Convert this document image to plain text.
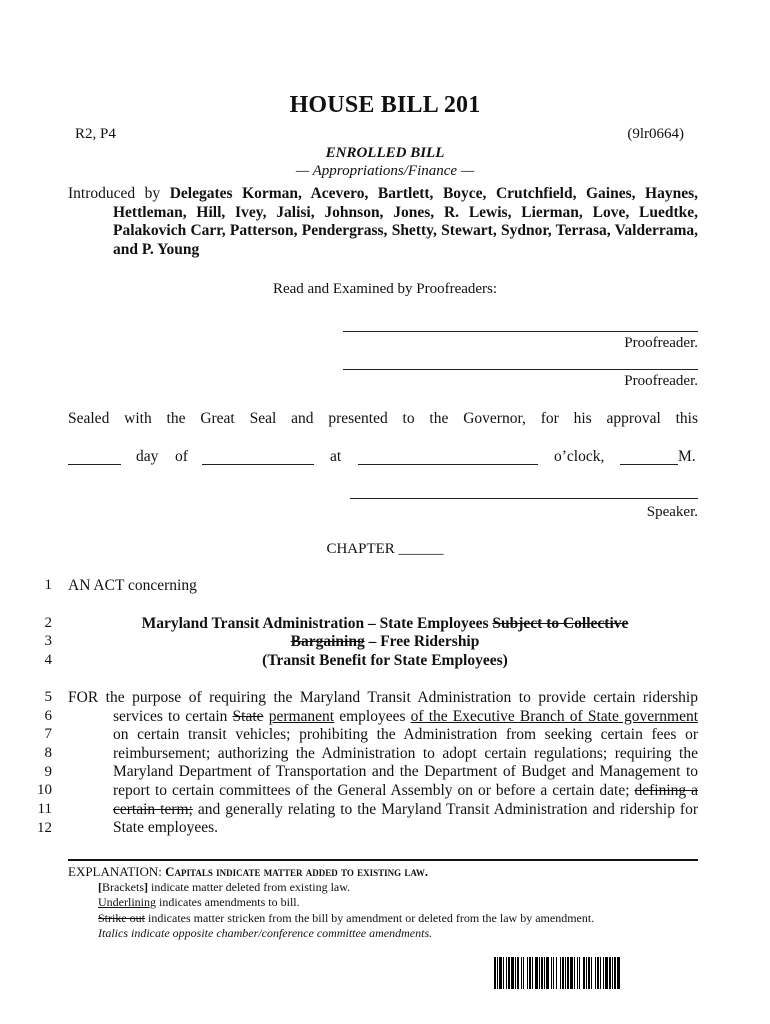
HOUSE BILL 201
R2, P4	(9lr0664)
ENROLLED BILL
— Appropriations/Finance —
Introduced by Delegates Korman, Acevero, Bartlett, Boyce, Crutchfield, Gaines, Haynes, Hettleman, Hill, Ivey, Jalisi, Johnson, Jones, R. Lewis, Lierman, Love, Luedtke, Palakovich Carr, Patterson, Pendergrass, Shetty, Stewart, Sydnor, Terrasa, Valderrama, and P. Young
Read and Examined by Proofreaders:
Proofreader.
Proofreader.
Sealed with the Great Seal and presented to the Governor, for his approval this
day of	at	o’clock,	M.
Speaker.
CHAPTER ______
1
2
3
4
5
6
7
8
9
10
11
12
AN ACT concerning
Maryland Transit Administration – State Employees Subject to Collective
Bargaining – Free Ridership
(Transit Benefit for State Employees)
FOR the purpose of requiring the Maryland Transit Administration to provide certain ridership services to certain State permanent employees of the Executive Branch of State government on certain transit vehicles; prohibiting the Administration from seeking certain fees or reimbursement; authorizing the Administration to adopt certain regulations; requiring the Maryland Department of Transportation and the Department of Budget and Management to report to certain committees of the General Assembly on or before a certain date; defining a certain term; and generally relating to the Maryland Transit Administration and ridership for State employees.
EXPLANATION: Capitals indicate matter added to existing law.
[Brackets] indicate matter deleted from existing law.
Underlining indicates amendments to bill.
Strike out indicates matter stricken from the bill by amendment or deleted from the law by amendment.
Italics indicate opposite chamber/conference committee amendments.
